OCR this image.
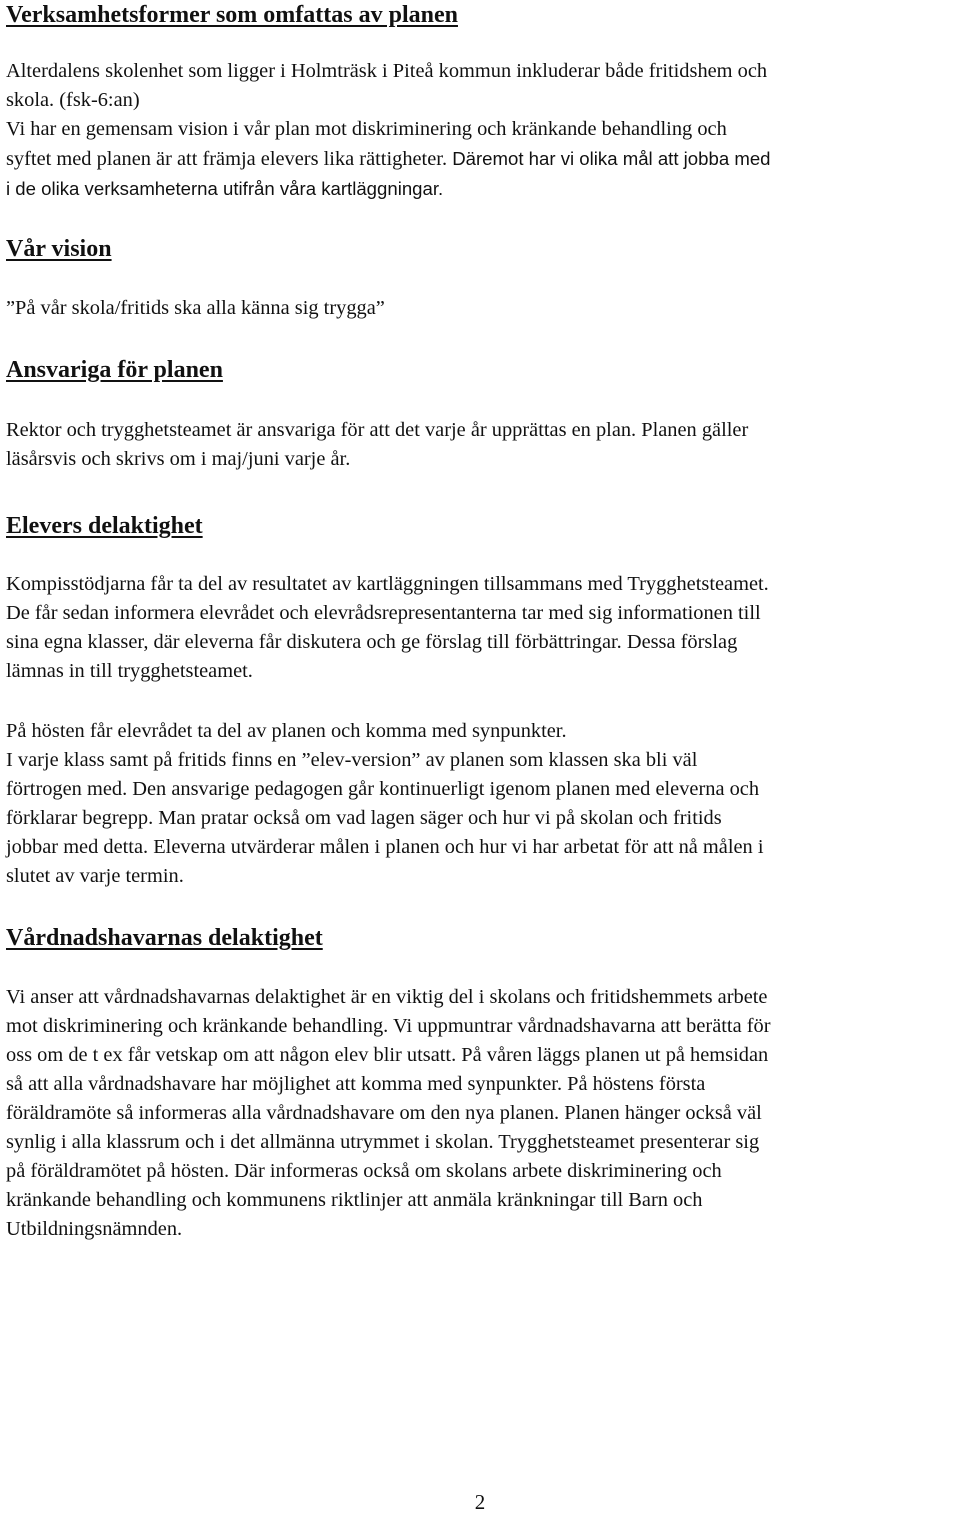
Verksamhetsformer som omfattas av planen

Alterdalens skolenhet som ligger i Holmträsk i Piteå kommun inkluderar både fritidshem och

skola. (fsk-6:an)

Vi har en gemensam vision i vår plan mot diskriminering och kränkande behandling och

syftet med planen är att främja elevers lika rättigheter. Däremot har vi olika mål att jobba med

i de olika verksamheterna utifrån våra kartläggningar.

Vår vision

”På vår skola/fritids ska alla känna sig trygga”

Ansvariga för planen

Rektor och trygghetsteamet är ansvariga för att det varje år upprättas en plan. Planen gäller

läsårsvis och skrivs om i maj/juni varje år.

Elevers delaktighet

Kompisstödjarna får ta del av resultatet av kartläggningen tillsammans med Trygghetsteamet.

De får sedan informera elevrådet och elevrådsrepresentanterna tar med sig informationen till

sina egna klasser, där eleverna får diskutera och ge förslag till förbättringar. Dessa förslag

lämnas in till trygghetsteamet.

På hösten får elevrådet ta del av planen och komma med synpunkter.

I varje klass samt på fritids finns en ”elev-version” av planen som klassen ska bli väl

förtrogen med. Den ansvarige pedagogen går kontinuerligt igenom planen med eleverna och

förklarar begrepp. Man pratar också om vad lagen säger och hur vi på skolan och fritids

jobbar med detta. Eleverna utvärderar målen i planen och hur vi har arbetat för att nå målen i

slutet av varje termin.

Vårdnadshavarnas delaktighet

Vi anser att vårdnadshavarnas delaktighet är en viktig del i skolans och fritidshemmets arbete

mot diskriminering och kränkande behandling. Vi uppmuntrar vårdnadshavarna att berätta för

oss om de t ex får vetskap om att någon elev blir utsatt. På våren läggs planen ut på hemsidan

så att alla vårdnadshavare har möjlighet att komma med synpunkter. På höstens första

föräldramöte så informeras alla vårdnadshavare om den nya planen. Planen hänger också väl

synlig i alla klassrum och i det allmänna utrymmet i skolan. Trygghetsteamet presenterar sig

på föräldramötet på hösten. Där informeras också om skolans arbete diskriminering och

kränkande behandling och kommunens riktlinjer att anmäla kränkningar till Barn och

Utbildningsnämnden.

2
